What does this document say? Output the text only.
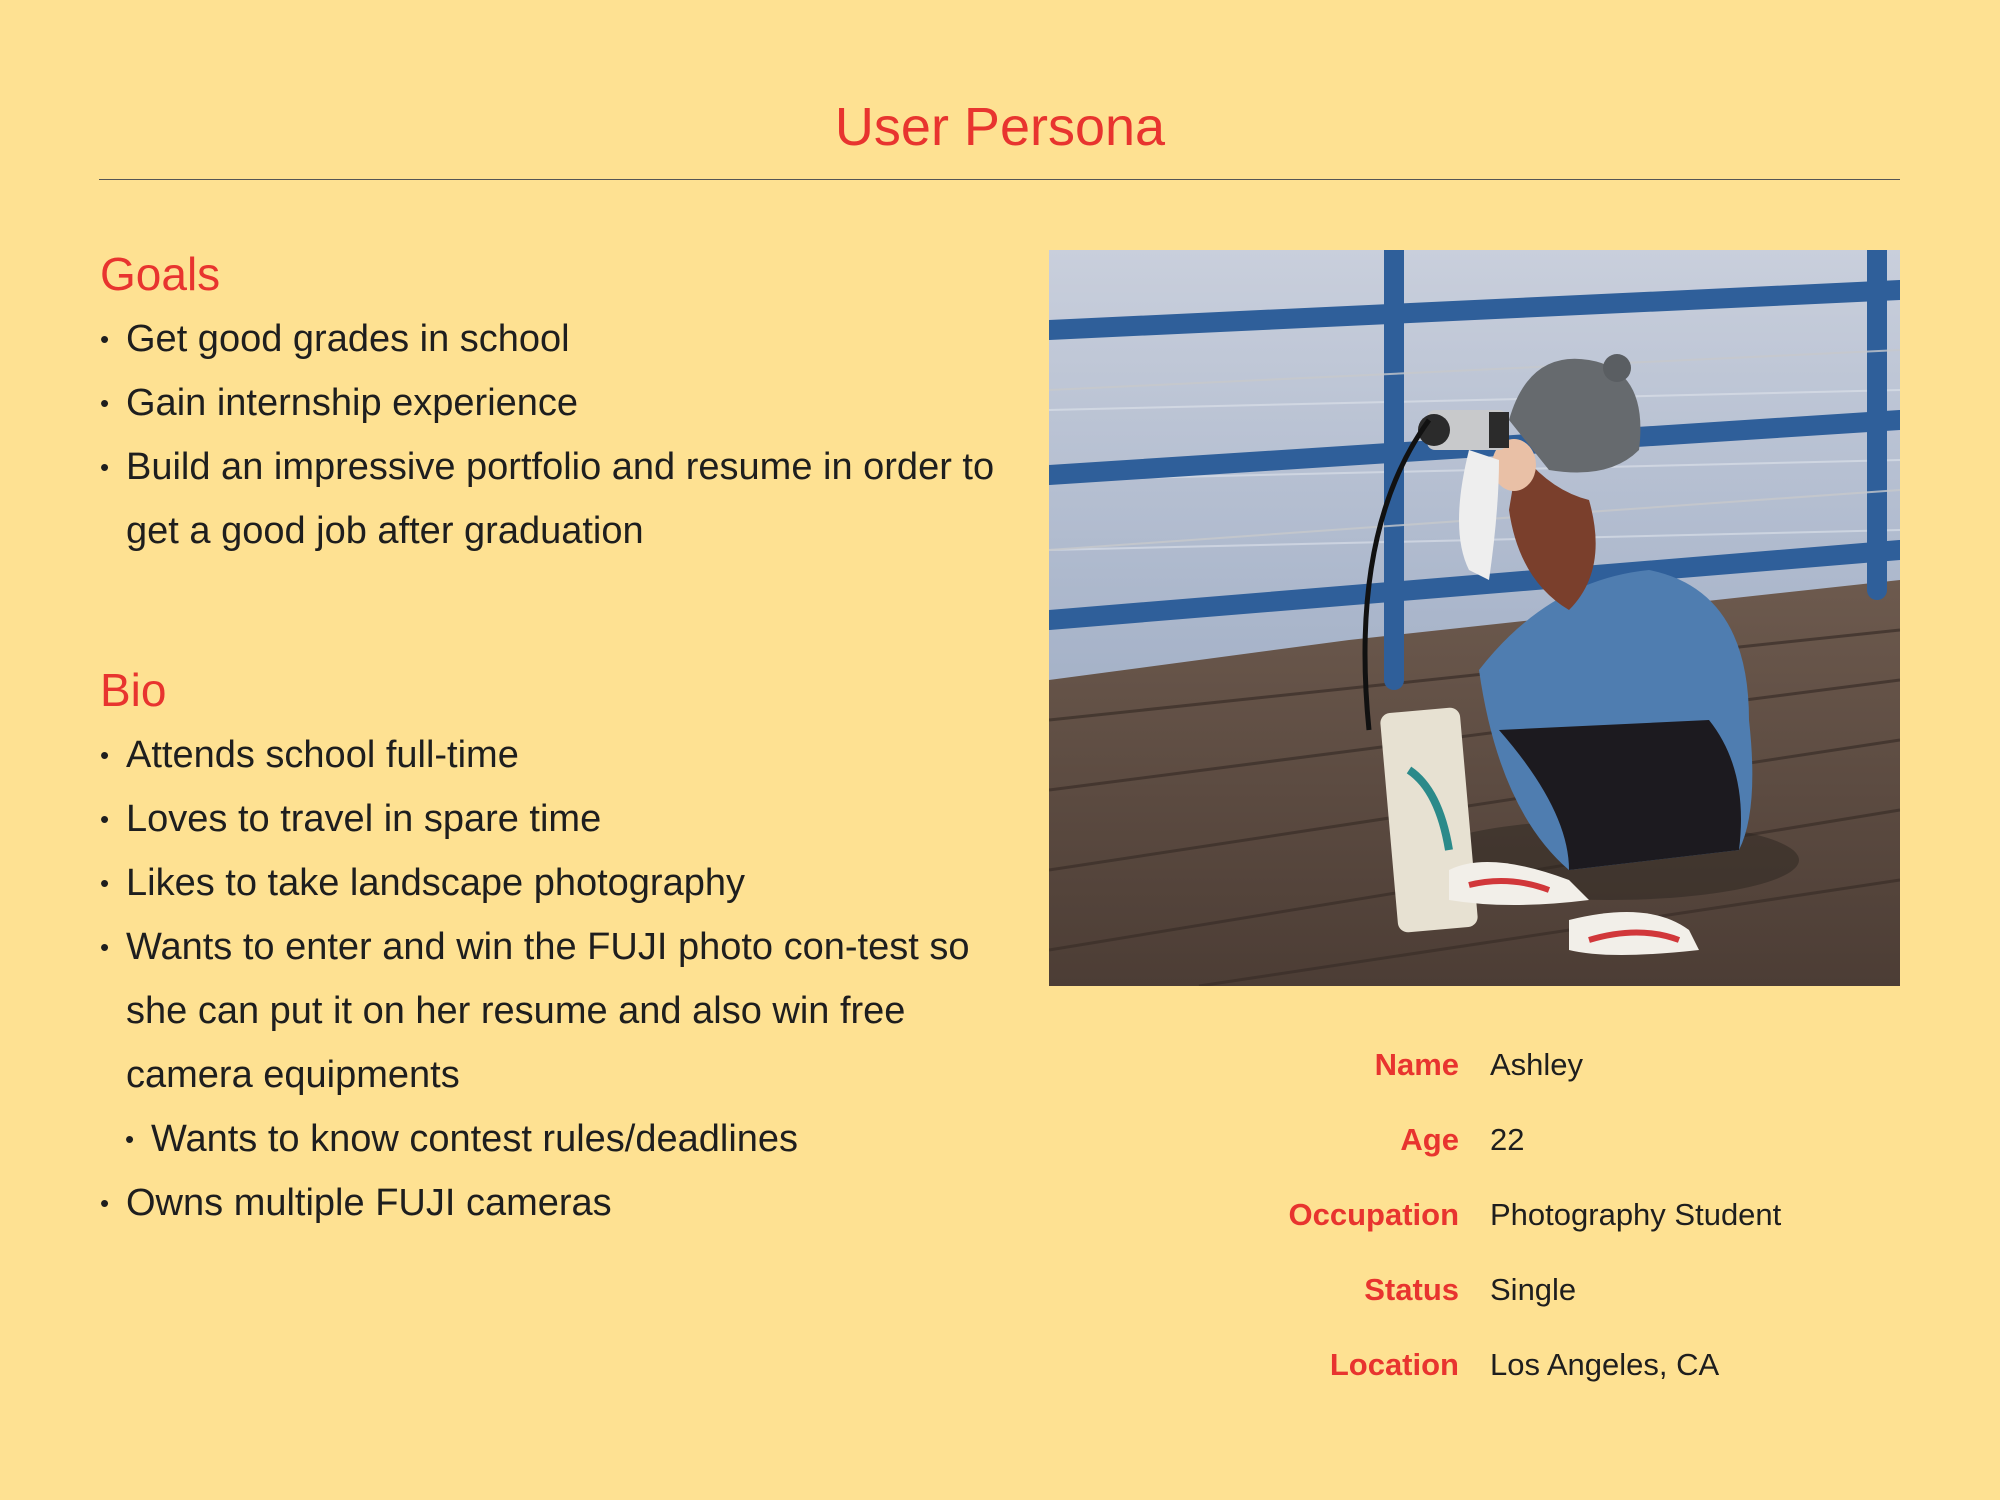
User Persona
Goals
• Get good grades in school
• Gain internship experience
• Build an impressive portfolio and resume in order to get a good job after graduation
Bio
• Attends school full-time
• Loves to travel in spare time
• Likes to take landscape photography
• Wants to enter and win the FUJI photo con-test so she can put it on her resume and also win free camera equipments
• Wants to know contest rules/deadlines
• Owns multiple FUJI cameras
Name Ashley
Age 22
Occupation Photography Student
Status Single
Location Los Angeles, CA
